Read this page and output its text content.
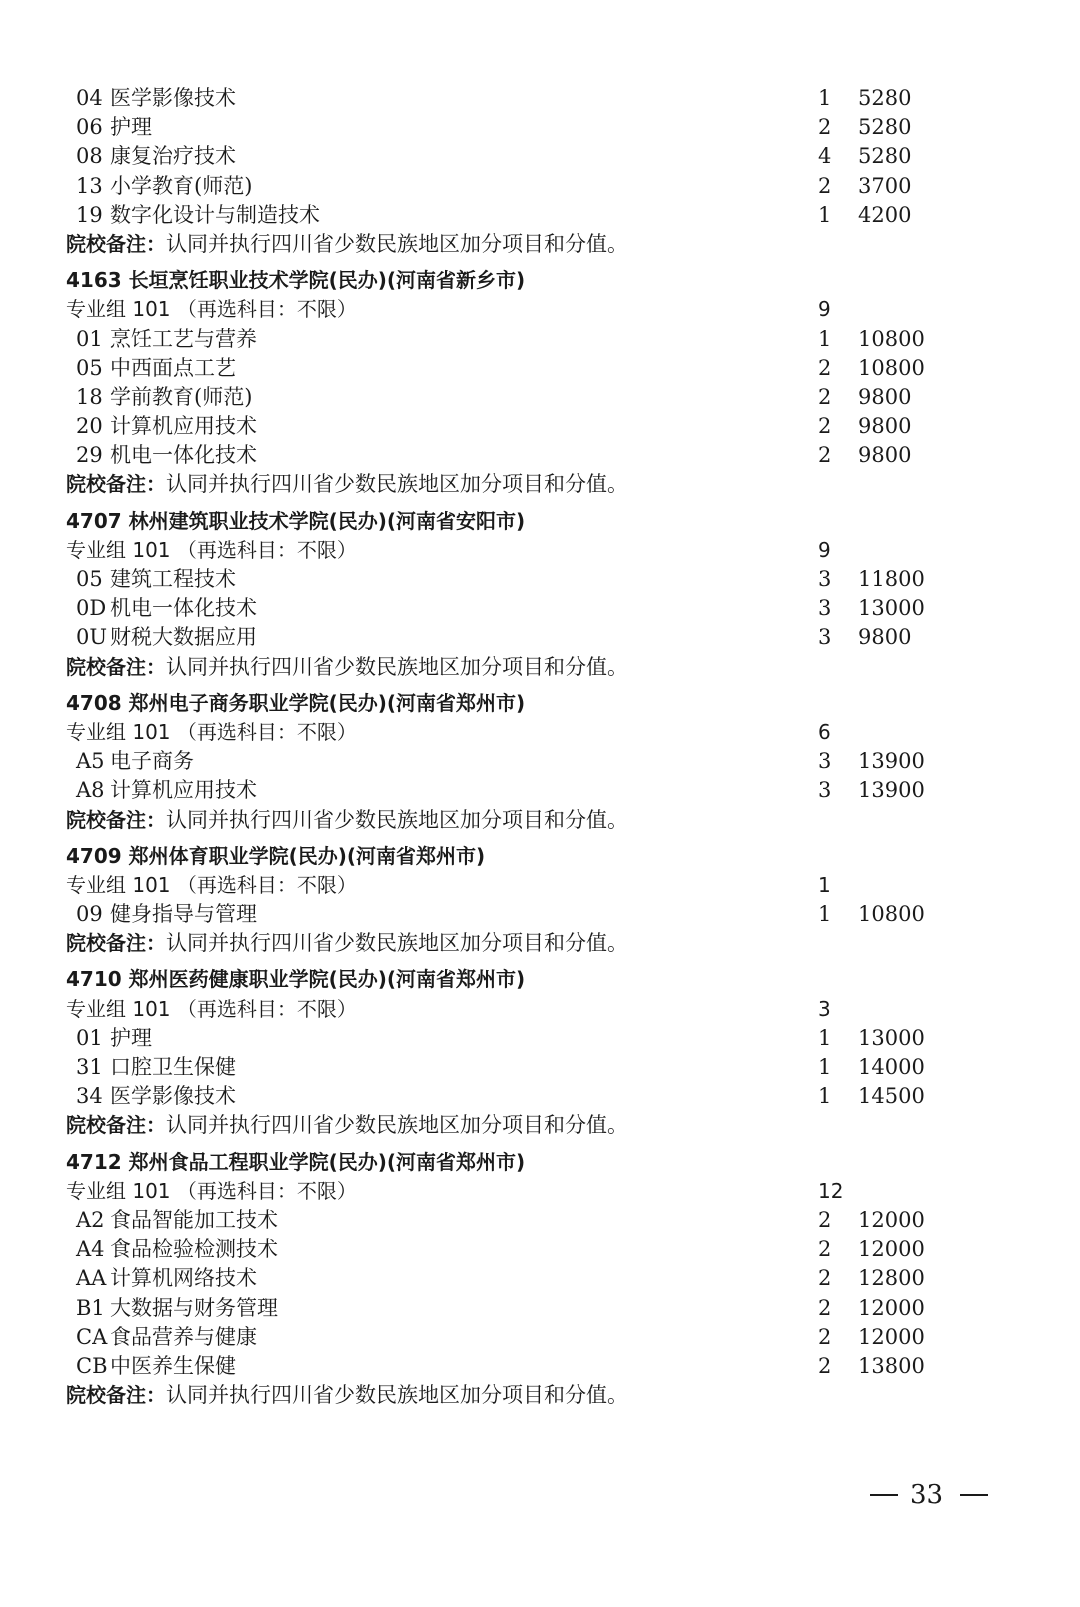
04 医学影像技术	1 5280
06 护理	2 5280
08 康复治疗技术	4 5280
13 小学教育(师范)	2 3700
19 数字化设计与制造技术	1 4200
院校备注：认同并执行四川省少数民族地区加分项目和分值。
4163 长垣烹饪职业技术学院(民办)(河南省新乡市)
专业组 101 （再选科目：不限）	9
01 烹饪工艺与营养	1 10800
05 中西面点工艺	2 10800
18 学前教育(师范)	2 9800
20 计算机应用技术	2 9800
29 机电一体化技术	2 9800
院校备注：认同并执行四川省少数民族地区加分项目和分值。
4707 林州建筑职业技术学院(民办)(河南省安阳市)
专业组 101 （再选科目：不限）	9
05 建筑工程技术	3 11800
0D 机电一体化技术	3 13000
0U 财税大数据应用	3 9800
院校备注：认同并执行四川省少数民族地区加分项目和分值。
4708 郑州电子商务职业学院(民办)(河南省郑州市)
专业组 101 （再选科目：不限）	6
A5 电子商务	3 13900
A8 计算机应用技术	3 13900
院校备注：认同并执行四川省少数民族地区加分项目和分值。
4709 郑州体育职业学院(民办)(河南省郑州市)
专业组 101 （再选科目：不限）	1
09 健身指导与管理	1 10800
院校备注：认同并执行四川省少数民族地区加分项目和分值。
4710 郑州医药健康职业学院(民办)(河南省郑州市)
专业组 101 （再选科目：不限）	3
01 护理	1 13000
31 口腔卫生保健	1 14000
34 医学影像技术	1 14500
院校备注：认同并执行四川省少数民族地区加分项目和分值。
4712 郑州食品工程职业学院(民办)(河南省郑州市)
专业组 101 （再选科目：不限）	12
A2 食品智能加工技术	2 12000
A4 食品检验检测技术	2 12000
AA 计算机网络技术	2 12800
B1 大数据与财务管理	2 12000
CA 食品营养与健康	2 12000
CB 中医养生保健	2 13800
院校备注：认同并执行四川省少数民族地区加分项目和分值。
33
